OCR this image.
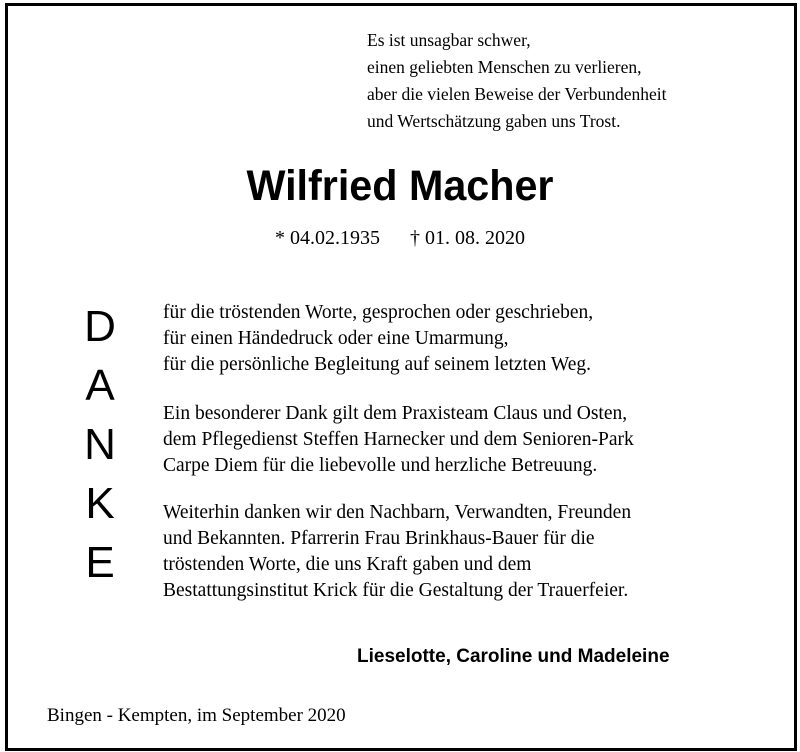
Es ist unsagbar schwer,
einen geliebten Menschen zu verlieren,
aber die vielen Beweise der Verbundenheit
und Wertschätzung gaben uns Trost.
Wilfried Macher
* 04.02.1935 † 01. 08. 2020
D
A
N
K
E
für die tröstenden Worte, gesprochen oder geschrieben,
für einen Händedruck oder eine Umarmung,
für die persönliche Begleitung auf seinem letzten Weg.
Ein besonderer Dank gilt dem Praxisteam Claus und Osten,
dem Pflegedienst Steffen Harnecker und dem Senioren-Park
Carpe Diem für die liebevolle und herzliche Betreuung.
Weiterhin danken wir den Nachbarn, Verwandten, Freunden
und Bekannten. Pfarrerin Frau Brinkhaus-Bauer für die
tröstenden Worte, die uns Kraft gaben und dem
Bestattungsinstitut Krick für die Gestaltung der Trauerfeier.
Lieselotte, Caroline und Madeleine
Bingen - Kempten, im September 2020
